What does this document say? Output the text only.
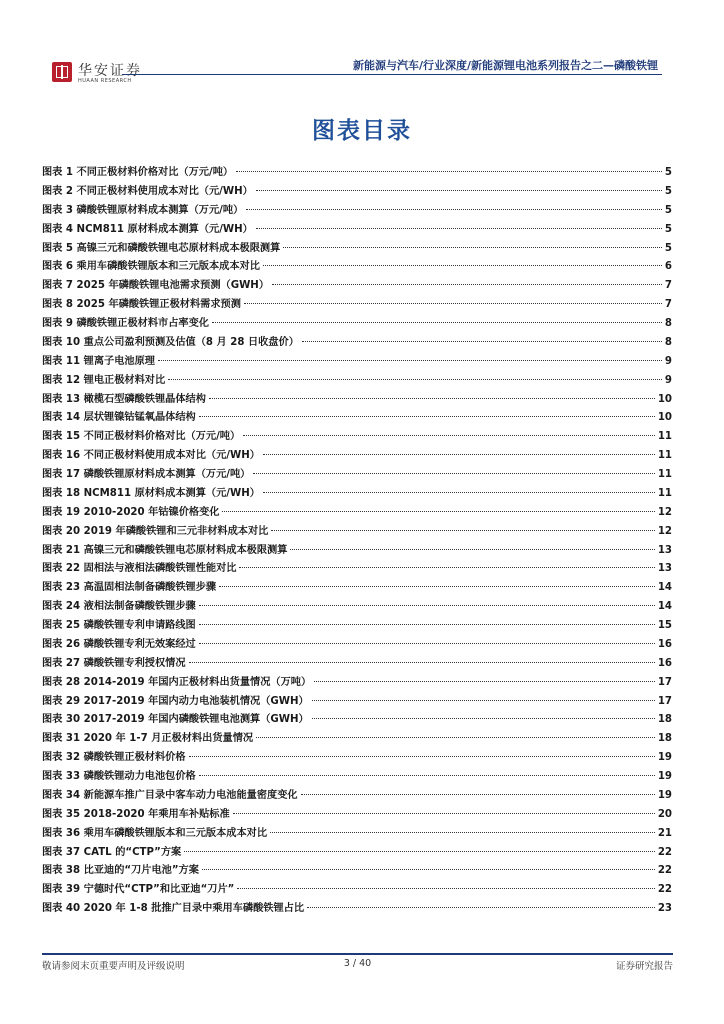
华安证券
HUAAN RESEARCH
新能源与汽车/行业深度/新能源锂电池系列报告之二—磷酸铁锂
图表目录
图表 1 不同正极材料价格对比（万元/吨）	5
图表 2 不同正极材料使用成本对比（元/WH）	5
图表 3 磷酸铁锂原材料成本测算（万元/吨）	5
图表 4 NCM811 原材料成本测算（元/WH）	5
图表 5 高镍三元和磷酸铁锂电芯原材料成本极限测算	5
图表 6 乘用车磷酸铁锂版本和三元版本成本对比	6
图表 7 2025 年磷酸铁锂电池需求预测（GWH）	7
图表 8 2025 年磷酸铁锂正极材料需求预测	7
图表 9 磷酸铁锂正极材料市占率变化	8
图表 10 重点公司盈利预测及估值（8 月 28 日收盘价）	8
图表 11 锂离子电池原理	9
图表 12 锂电正极材料对比	9
图表 13 橄榄石型磷酸铁锂晶体结构	10
图表 14 层状锂镍钴锰氧晶体结构	10
图表 15 不同正极材料价格对比（万元/吨）	11
图表 16 不同正极材料使用成本对比（元/WH）	11
图表 17 磷酸铁锂原材料成本测算（万元/吨）	11
图表 18 NCM811 原材料成本测算（元/WH）	11
图表 19 2010-2020 年钴镍价格变化	12
图表 20 2019 年磷酸铁锂和三元非材料成本对比	12
图表 21 高镍三元和磷酸铁锂电芯原材料成本极限测算	13
图表 22 固相法与液相法磷酸铁锂性能对比	13
图表 23 高温固相法制备磷酸铁锂步骤	14
图表 24 液相法制备磷酸铁锂步骤	14
图表 25 磷酸铁锂专利申请路线图	15
图表 26 磷酸铁锂专利无效案经过	16
图表 27 磷酸铁锂专利授权情况	16
图表 28 2014-2019 年国内正极材料出货量情况（万吨）	17
图表 29 2017-2019 年国内动力电池装机情况（GWH）	17
图表 30 2017-2019 年国内磷酸铁锂电池测算（GWH）	18
图表 31 2020 年 1-7 月正极材料出货量情况	18
图表 32 磷酸铁锂正极材料价格	19
图表 33 磷酸铁锂动力电池包价格	19
图表 34 新能源车推广目录中客车动力电池能量密度变化	19
图表 35 2018-2020 年乘用车补贴标准	20
图表 36 乘用车磷酸铁锂版本和三元版本成本对比	21
图表 37 CATL 的“CTP”方案	22
图表 38 比亚迪的“刀片电池”方案	22
图表 39 宁德时代“CTP”和比亚迪“刀片”	22
图表 40 2020 年 1-8 批推广目录中乘用车磷酸铁锂占比	23
敬请参阅末页重要声明及评级说明	3 / 40	证券研究报告
